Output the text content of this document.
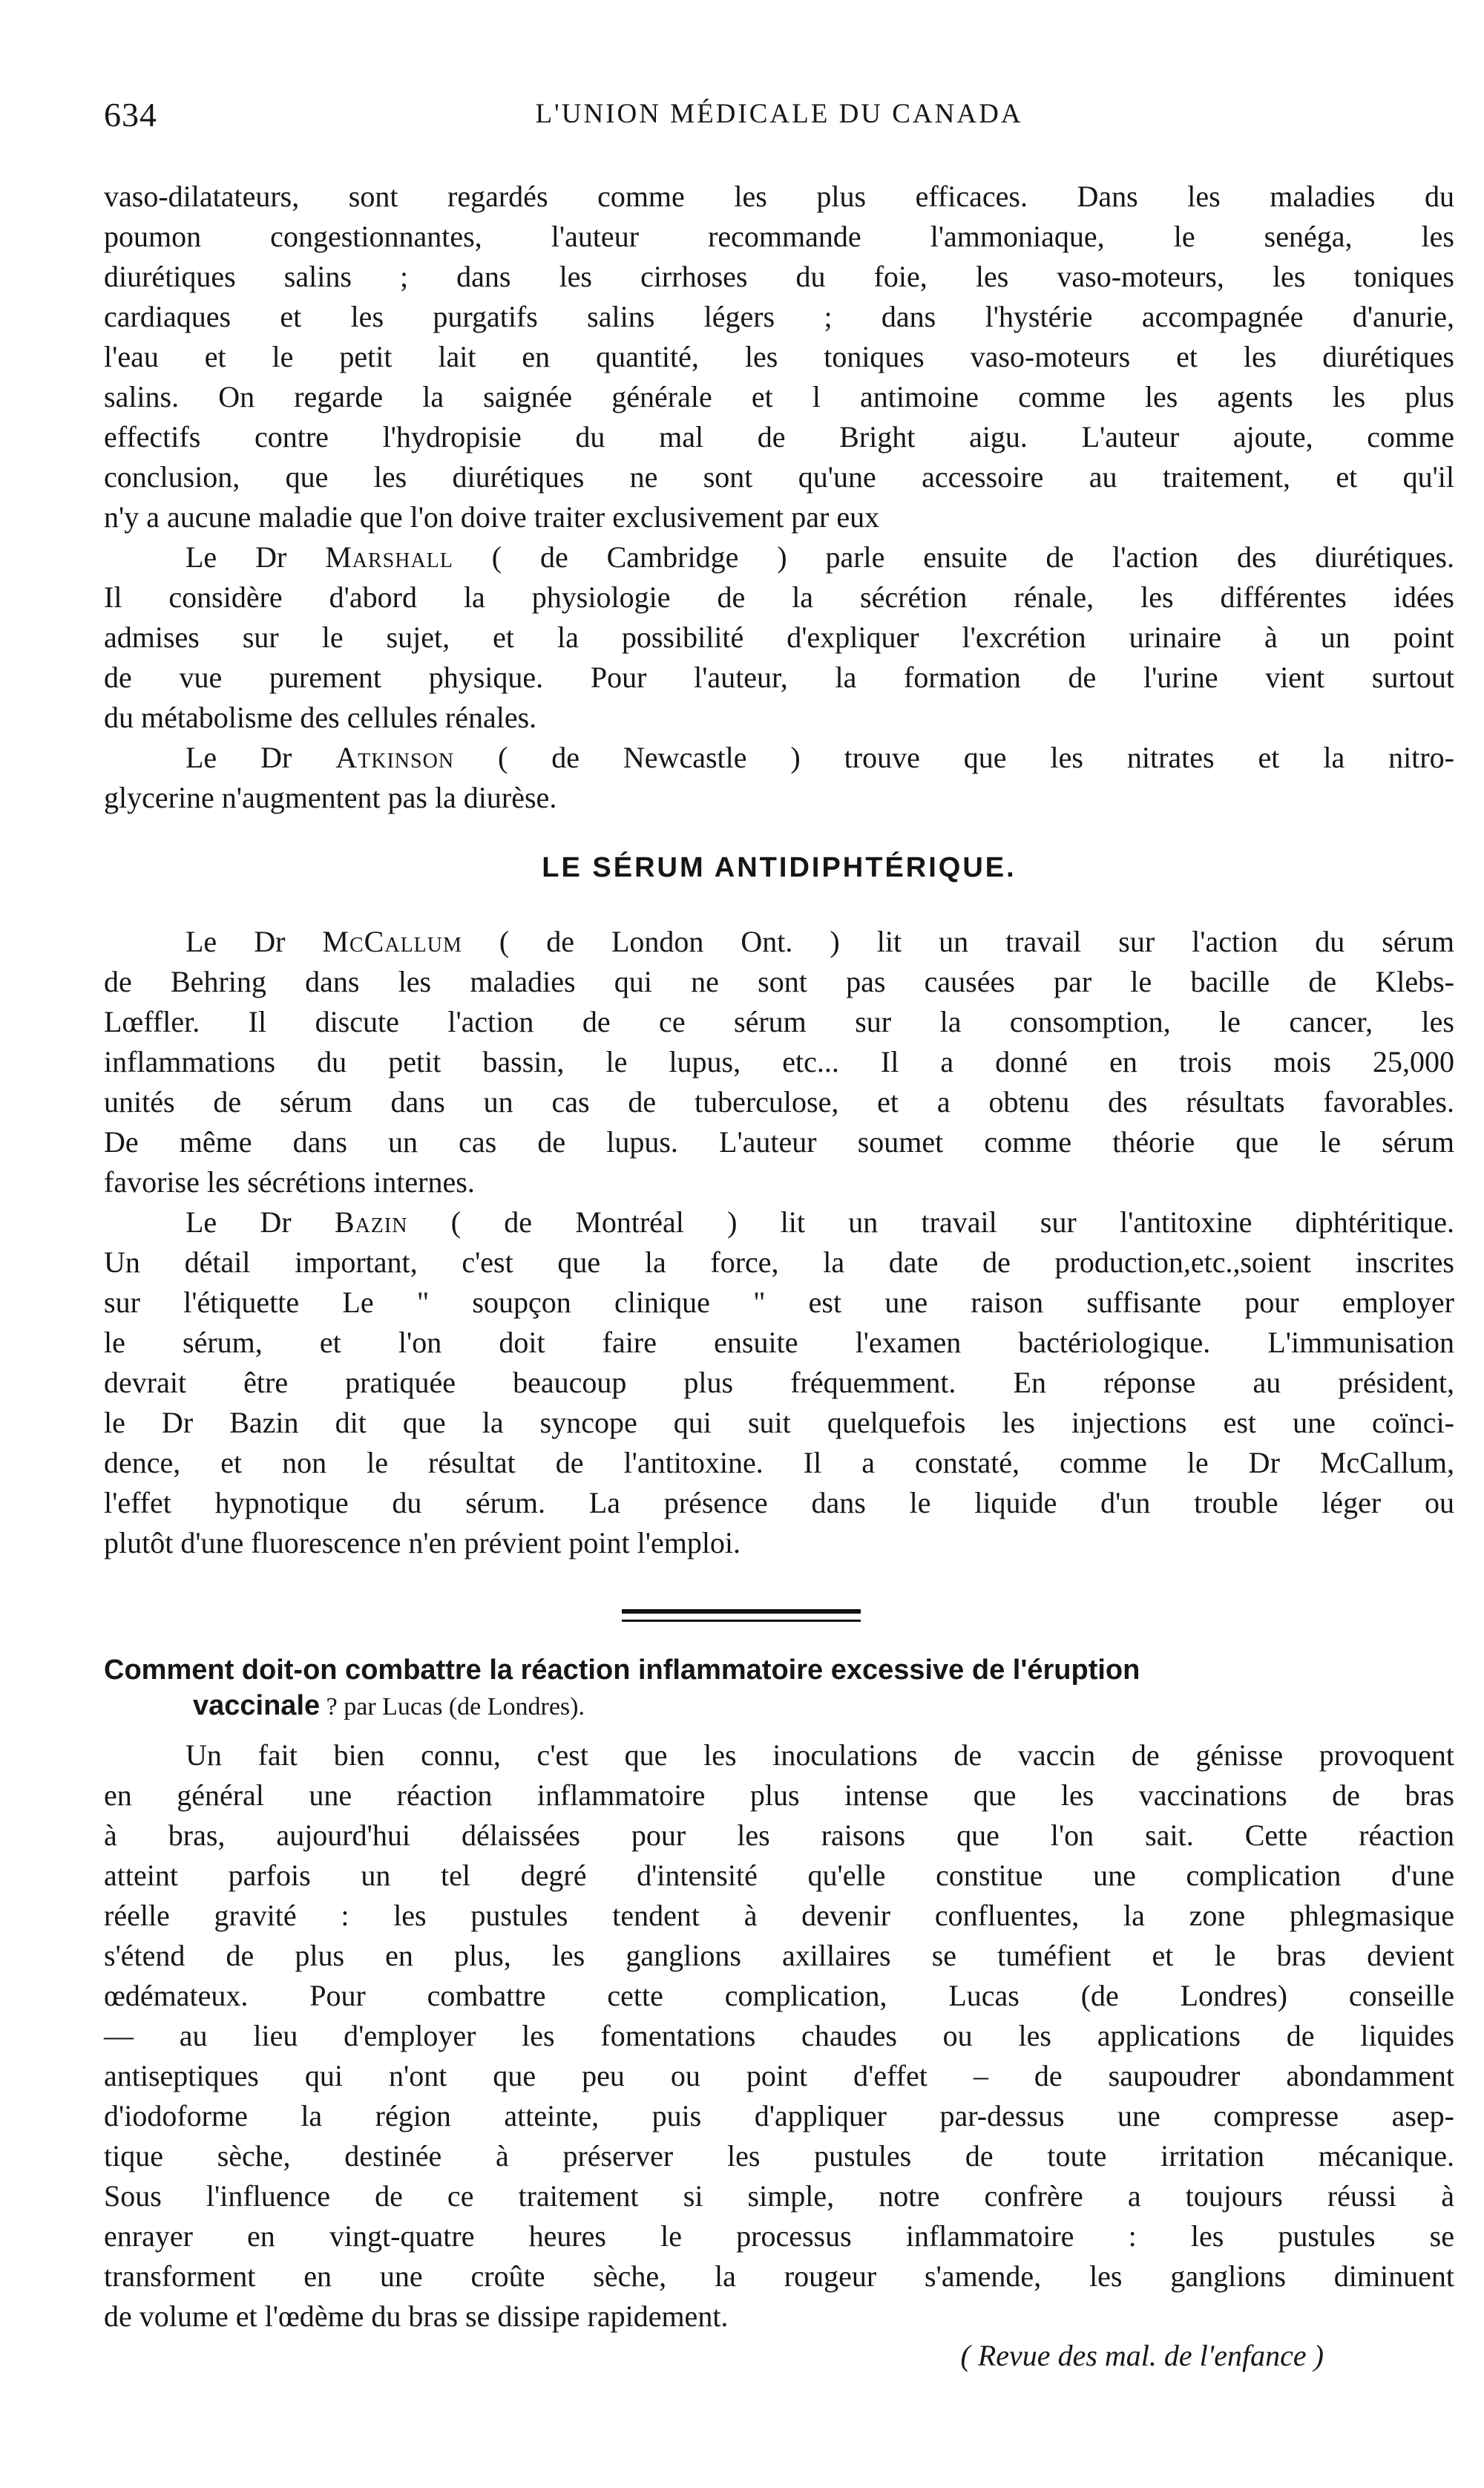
634	L'UNION MÉDICALE DU CANADA
vaso-dilatateurs, sont regardés comme les plus efficaces. Dans les maladies du
poumon congestionnantes, l'auteur recommande l'ammoniaque, le senéga, les
diurétiques salins ; dans les cirrhoses du foie, les vaso-moteurs, les toniques
cardiaques et les purgatifs salins légers ; dans l'hystérie accompagnée d'anurie,
l'eau et le petit lait en quantité, les toniques vaso-moteurs et les diurétiques
salins. On regarde la saignée générale et l antimoine comme les agents les plus
effectifs contre l'hydropisie du mal de Bright aigu. L'auteur ajoute, comme
conclusion, que les diurétiques ne sont qu'une accessoire au traitement, et qu'il
n'y a aucune maladie que l'on doive traiter exclusivement par eux
Le Dr Marshall ( de Cambridge ) parle ensuite de l'action des diurétiques.
Il considère d'abord la physiologie de la sécrétion rénale, les différentes idées
admises sur le sujet, et la possibilité d'expliquer l'excrétion urinaire à un point
de vue purement physique. Pour l'auteur, la formation de l'urine vient surtout
du métabolisme des cellules rénales.
Le Dr Atkinson ( de Newcastle ) trouve que les nitrates et la nitro-
glycerine n'augmentent pas la diurèse.
LE SÉRUM ANTIDIPHTÉRIQUE.
Le Dr McCallum ( de London Ont. ) lit un travail sur l'action du sérum
de Behring dans les maladies qui ne sont pas causées par le bacille de Klebs-
Lœffler. Il discute l'action de ce sérum sur la consomption, le cancer, les
inflammations du petit bassin, le lupus, etc... Il a donné en trois mois 25,000
unités de sérum dans un cas de tuberculose, et a obtenu des résultats favorables.
De même dans un cas de lupus. L'auteur soumet comme théorie que le sérum
favorise les sécrétions internes.
Le Dr Bazin ( de Montréal ) lit un travail sur l'antitoxine diphtéritique.
Un détail important, c'est que la force, la date de production,etc.,soient inscrites
sur l'étiquette Le " soupçon clinique " est une raison suffisante pour employer
le sérum, et l'on doit faire ensuite l'examen bactériologique. L'immunisation
devrait être pratiquée beaucoup plus fréquemment. En réponse au président,
le Dr Bazin dit que la syncope qui suit quelquefois les injections est une coïnci-
dence, et non le résultat de l'antitoxine. Il a constaté, comme le Dr McCallum,
l'effet hypnotique du sérum. La présence dans le liquide d'un trouble léger ou
plutôt d'une fluorescence n'en prévient point l'emploi.
Comment doit-on combattre la réaction inflammatoire excessive de l'éruption
vaccinale ? par Lucas (de Londres).
Un fait bien connu, c'est que les inoculations de vaccin de génisse provoquent
en général une réaction inflammatoire plus intense que les vaccinations de bras
à bras, aujourd'hui délaissées pour les raisons que l'on sait. Cette réaction
atteint parfois un tel degré d'intensité qu'elle constitue une complication d'une
réelle gravité : les pustules tendent à devenir confluentes, la zone phlegmasique
s'étend de plus en plus, les ganglions axillaires se tuméfient et le bras devient
œdémateux. Pour combattre cette complication, Lucas (de Londres) conseille
— au lieu d'employer les fomentations chaudes ou les applications de liquides
antiseptiques qui n'ont que peu ou point d'effet – de saupoudrer abondamment
d'iodoforme la région atteinte, puis d'appliquer par-dessus une compresse asep-
tique sèche, destinée à préserver les pustules de toute irritation mécanique.
Sous l'influence de ce traitement si simple, notre confrère a toujours réussi à
enrayer en vingt-quatre heures le processus inflammatoire : les pustules se
transforment en une croûte sèche, la rougeur s'amende, les ganglions diminuent
de volume et l'œdème du bras se dissipe rapidement.
( Revue des mal. de l'enfance )
